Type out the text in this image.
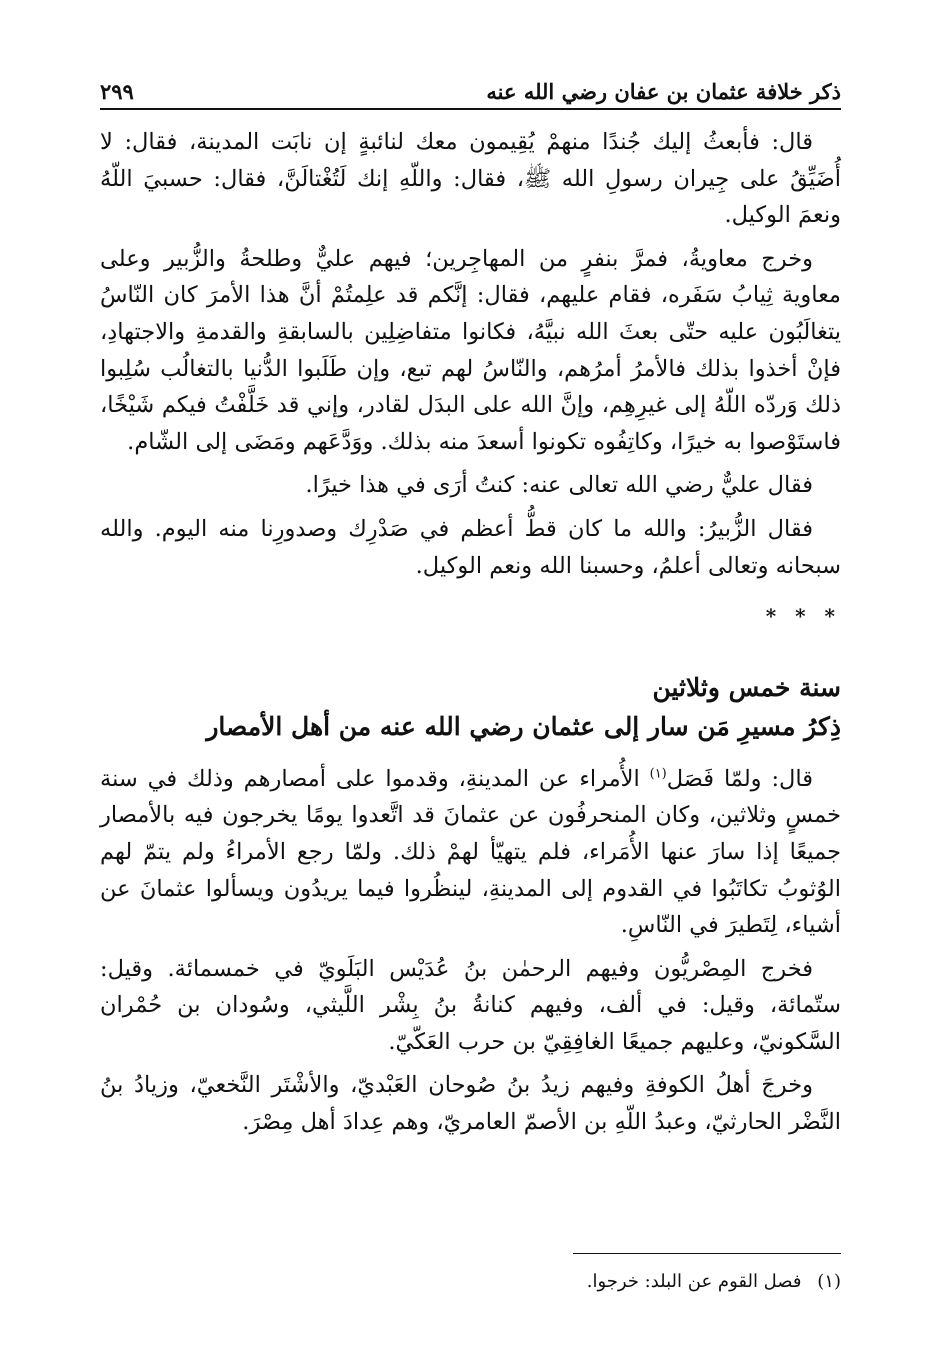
ذكر خلافة عثمان بن عفان رضي الله عنه
٢٩٩

قال: فأبعثُ إليك جُندًا منهمْ يُقِيمون معك لنائبةٍ إن نابَت المدينة، فقال: لا أُضَيِّقُ على جِيران رسولِ الله ﷺ، فقال: واللّهِ إنك لَتُغْتالَنَّ، فقال: حسبيَ اللّهُ ونعمَ الوكيل.

وخرج معاويةُ، فمرَّ بنفرٍ من المهاجِرين؛ فيهم عليٌّ وطلحةُ والزُّبير وعلى معاوية ثِيابُ سَفَره، فقام عليهم، فقال: إنَّكم قد علِمتُمْ أنَّ هذا الأمرَ كان النّاسُ يتغالَبُون عليه حتّى بعثَ الله نبيَّهُ، فكانوا متفاضِلِين بالسابقةِ والقدمةِ والاجتهادِ، فإنْ أخذوا بذلك فالأمرُ أمرُهم، والنّاسُ لهم تبع، وإن طَلَبوا الدُّنيا بالتغالُب سُلِبوا ذلك وَردّه اللّهُ إلى غيرِهِم، وإنَّ الله على البدَل لقادر، وإني قد خَلَّفْتُ فيكم شَيْخًا، فاستَوْصوا به خيرًا، وكاتِفُوه تكونوا أسعدَ منه بذلك. ووَدَّعَهم ومَضَى إلى الشّام.

فقال عليٌّ رضي الله تعالى عنه: كنتُ أرَى في هذا خيرًا.

فقال الزُّبيرُ: والله ما كان قطُّ أعظم في صَدْرِك وصدورِنا منه اليوم. والله سبحانه وتعالى أعلمُ، وحسبنا الله ونعم الوكيل.

* * *
سنة خمس وثلاثين
ذِكرُ مسيرِ مَن سار إلى عثمان رضي الله عنه من أهل الأمصار

قال: ولمّا فَصَل$^{(١)}$ الأُمراء عن المدينةِ، وقدموا على أمصارهم وذلك في سنة خمسٍ وثلاثين، وكان المنحرفُون عن عثمانَ قد اتَّعدوا يومًا يخرجون فيه بالأمصار جميعًا إذا سارَ عنها الأُمَراء، فلم يتهيّأ لهمْ ذلك. ولمّا رجع الأمراءُ ولم يتمّ لهم الوُثوبُ تكاتَبُوا في القدوم إلى المدينةِ، لينظُروا فيما يريدُون ويسألوا عثمانَ عن أشياء، لِتَطيرَ في النّاسِ.

فخرج المِصْريُّون وفيهم الرحمٰن بنُ عُدَيْس البَلَويّ في خمسمائة. وقيل: ستّمائة، وقيل: في ألف، وفيهم كنانةُ بنُ بِشْر اللَّيثي، وسُودان بن حُمْران السَّكونيّ، وعليهم جميعًا الغافِقِيّ بن حرب العَكّيّ.

وخرجَ أهلُ الكوفةِ وفيهم زيدُ بنُ صُوحان العَبْديّ، والأشْتَر النَّخعيّ، وزيادُ بنُ النَّضْر الحارثيّ، وعبدُ اللّهِ بن الأصمّ العامريّ، وهم عِدادَ أهل مِصْرَ.

(١) فصل القوم عن البلد: خرجوا.
